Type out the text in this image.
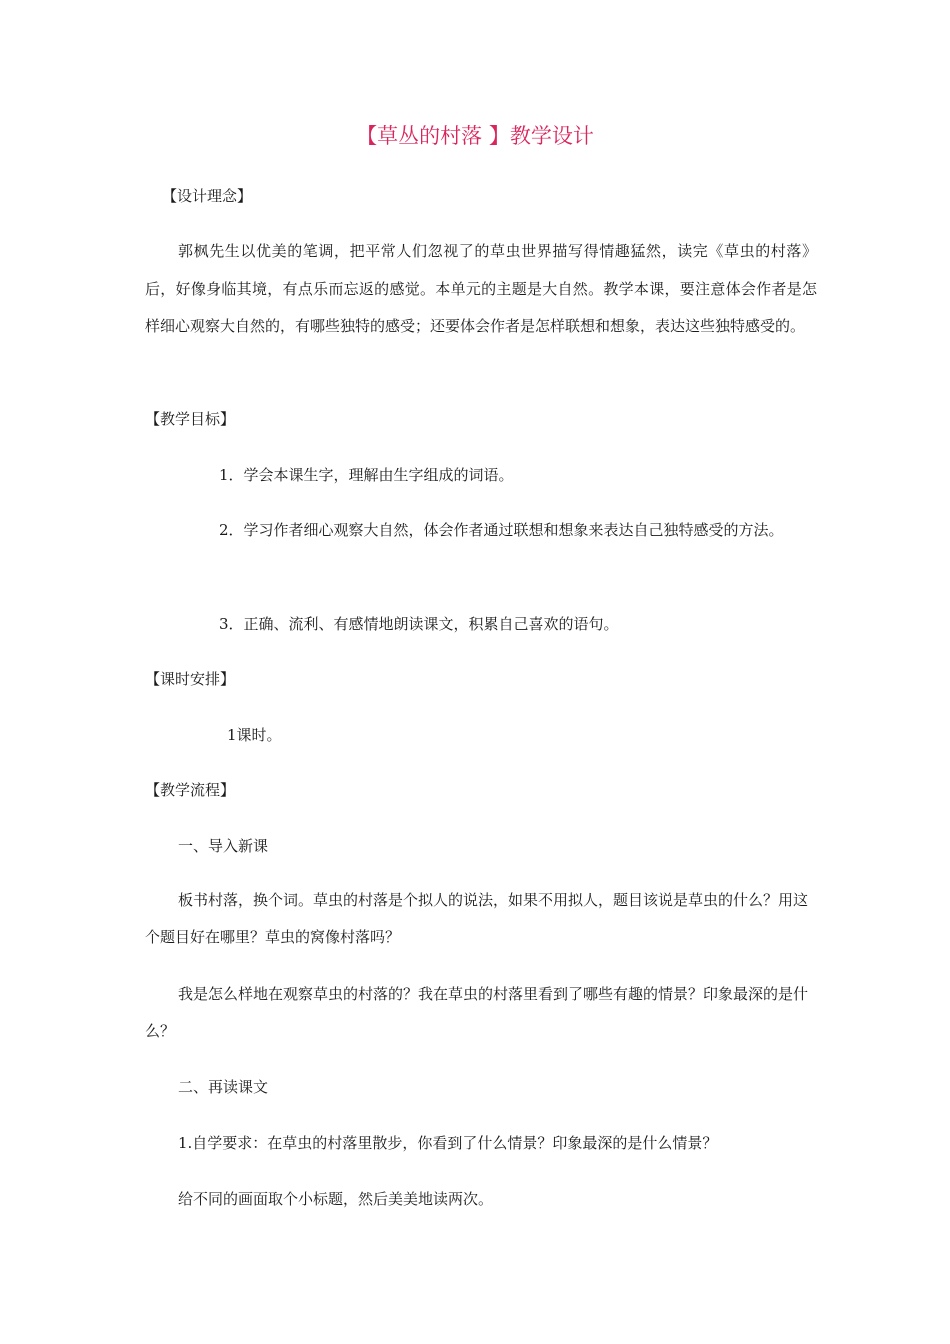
【草丛的村落 】教学设计
【设计理念】
郭枫先生以优美的笔调，把平常人们忽视了的草虫世界描写得情趣猛然，读完《草虫的村落》后，好像身临其境，有点乐而忘返的感觉。本单元的主题是大自然。教学本课，要注意体会作者是怎样细心观察大自然的，有哪些独特的感受；还要体会作者是怎样联想和想象，表达这些独特感受的。
【教学目标】
1．学会本课生字，理解由生字组成的词语。
2．学习作者细心观察大自然，体会作者通过联想和想象来表达自己独特感受的方法。
3．正确、流利、有感情地朗读课文，积累自己喜欢的语句。
【课时安排】
1课时。
【教学流程】
一、导入新课
板书村落，换个词。草虫的村落是个拟人的说法，如果不用拟人，题目该说是草虫的什么？用这个题目好在哪里？草虫的窝像村落吗？
我是怎么样地在观察草虫的村落的？我在草虫的村落里看到了哪些有趣的情景？印象最深的是什么？
二、再读课文
1.自学要求：在草虫的村落里散步，你看到了什么情景？印象最深的是什么情景？
给不同的画面取个小标题，然后美美地读两次。
